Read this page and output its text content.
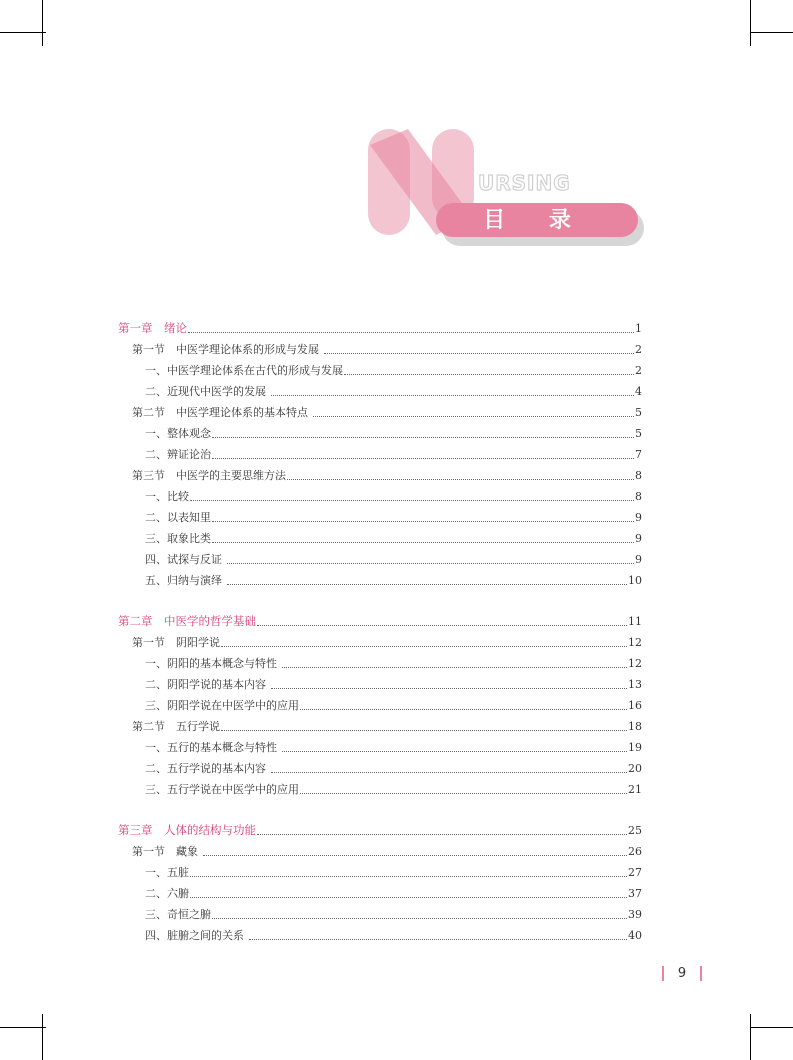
URSING
目 录
第一章　绪论	1
第一节　中医学理论体系的形成与发展	2
一、中医学理论体系在古代的形成与发展	2
二、近现代中医学的发展	4
第二节　中医学理论体系的基本特点	5
一、整体观念	5
二、辨证论治	7
第三节　中医学的主要思维方法	8
一、比较	8
二、以表知里	9
三、取象比类	9
四、试探与反证	9
五、归纳与演绎	10
第二章　中医学的哲学基础	11
第一节　阴阳学说	12
一、阴阳的基本概念与特性	12
二、阴阳学说的基本内容	13
三、阴阳学说在中医学中的应用	16
第二节　五行学说	18
一、五行的基本概念与特性	19
二、五行学说的基本内容	20
三、五行学说在中医学中的应用	21
第三章　人体的结构与功能	25
第一节　藏象	26
一、五脏	27
二、六腑	37
三、奇恒之腑	39
四、脏腑之间的关系	40
9
